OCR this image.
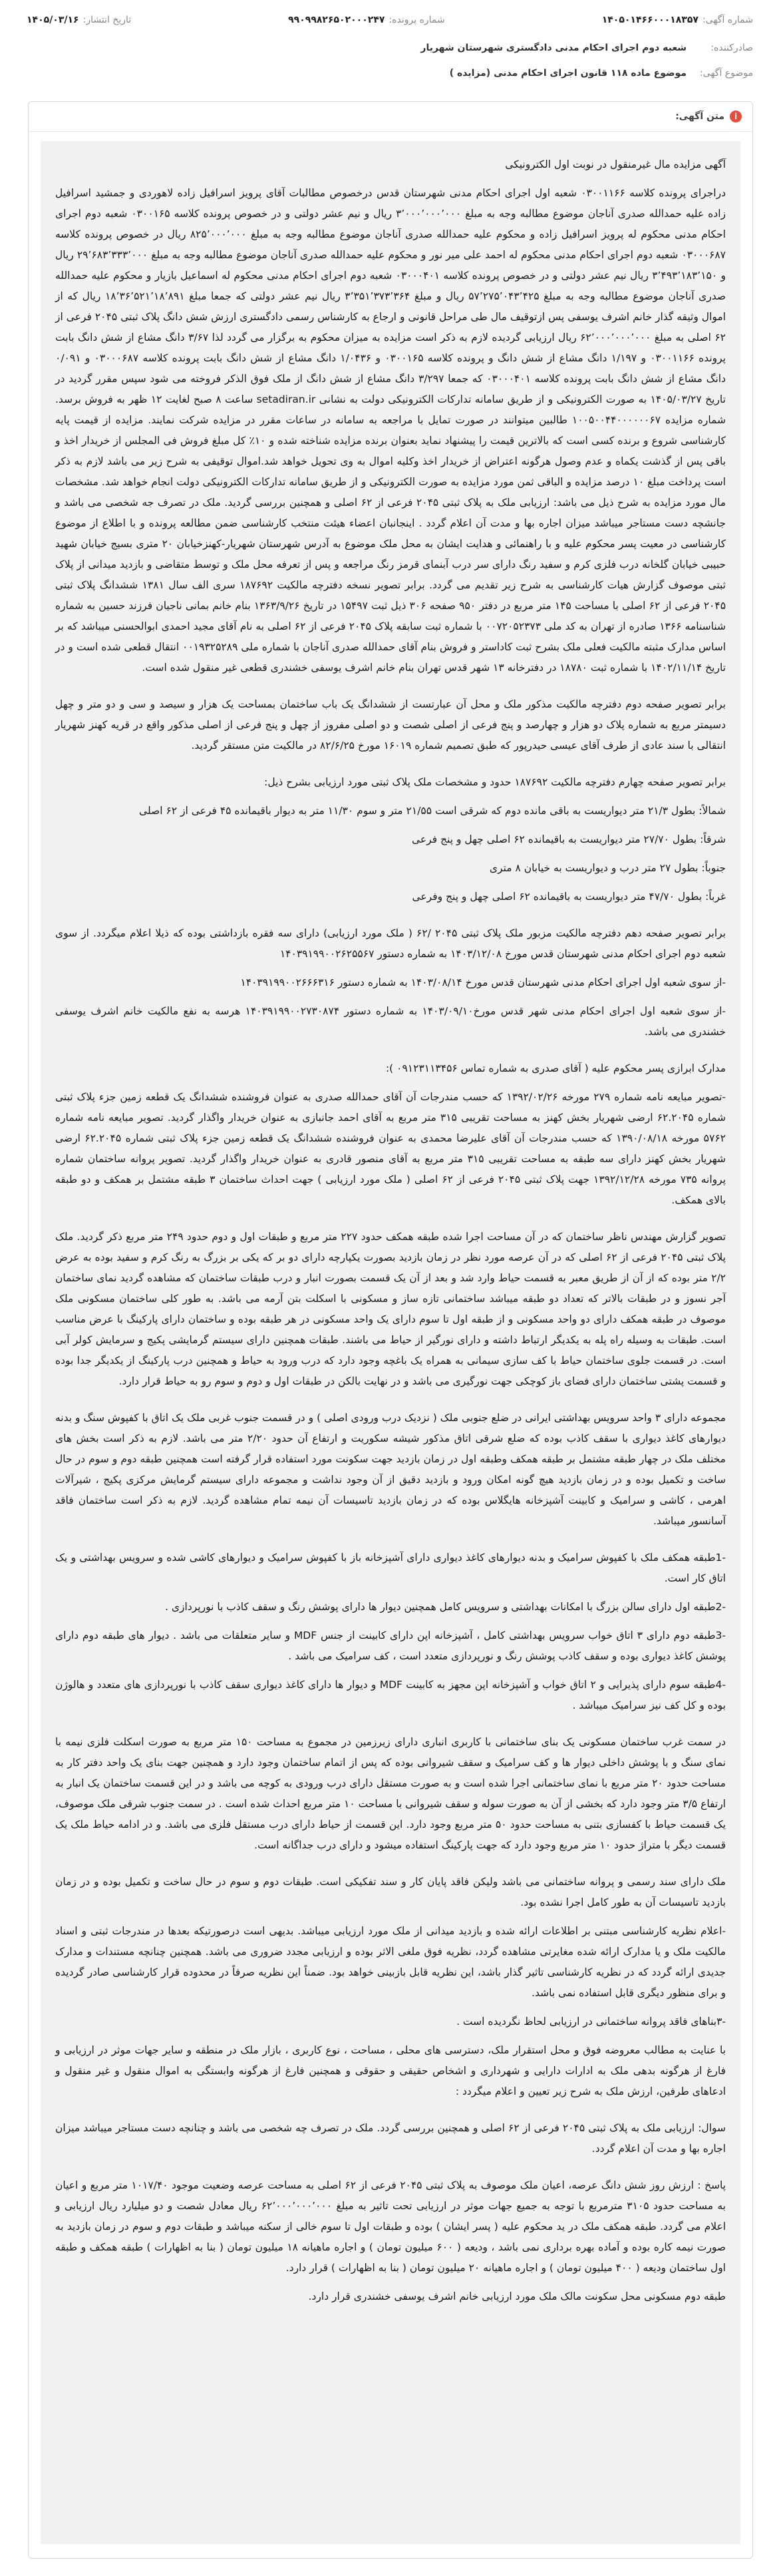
شماره آگهی:
۱۴۰۵۰۱۴۶۶۰۰۰۱۸۳۵۷
شماره پرونده:
۹۹۰۹۹۸۲۶۵۰۲۰۰۰۲۴۷
تاریخ انتشار:
۱۴۰۵/۰۳/۱۶
صادرکننده:
شعبه دوم اجرای احکام مدنی دادگستری شهرستان شهریار
موضوع آگهی:
موضوع ماده ۱۱۸ قانون اجرای احکام مدنی (مزایده )
i
متن آگهی:

آگهی مزایده مال غیرمنقول در نوبت اول الکترونیکی

دراجرای پرونده کلاسه ۰۳۰۰۱۱۶۶ شعبه اول اجرای احکام مدنی شهرستان قدس درخصوص مطالبات آقای پرویز اسرافیل زاده لاهوردی و جمشید اسرافیل زاده علیه حمدالله صدری آناجان موضوع مطالبه وجه به مبلغ ۳٬۰۰۰٬۰۰۰٬۰۰۰ ریال و نیم عشر دولتی و در خصوص پرونده کلاسه ۰۳۰۰۱۶۵ شعبه دوم اجرای احکام مدنی محکوم له پرویز اسرافیل زاده و محکوم علیه حمدالله صدری آناجان موضوع مطالبه وجه به مبلغ ۸۲۵٬۰۰۰٬۰۰۰ ریال در خصوص پرونده کلاسه ۰۳۰۰۰۶۸۷ شعبه دوم اجرای احکام مدنی محکوم له احمد علی میر نور و محکوم علیه حمدالله صدری آناجان موضوع مطالبه وجه به مبلغ ۲۹٬۶۸۳٬۳۳۳٬۰۰۰ ریال و ۳٬۴۹۳٬۱۸۳٬۱۵۰ ریال نیم عشر دولتی و در خصوص پرونده کلاسه ۰۳۰۰۰۴۰۱ شعبه دوم اجرای احکام مدنی محکوم له اسماعیل بازیار و محکوم علیه حمدالله صدری آناجان موضوع مطالبه وجه به مبلغ ۵۷٬۲۷۵٬۰۴۳٬۴۲۵ ریال و مبلغ ۳٬۳۵۱٬۳۷۳٬۳۶۴ ریال نیم عشر دولتی که جمعا مبلغ ۱۸٬۳۶٬۵۲۱٬۱۸٬۸۹۱ ریال که از اموال وثیقه گذار خانم اشرف یوسفی پس ازتوقیف مال طی مراحل قانونی و ارجاع به کارشناس رسمی دادگستری ارزش شش دانگ پلاک ثبتی ۲۰۴۵ فرعی از ۶۲ اصلی به مبلغ ۶۲٬۰۰۰٬۰۰۰٬۰۰۰ ریال ارزیابی گردیده لازم به ذکر است مزایده به میزان محکوم به برگزار می گردد لذا ۳/۶۷ دانگ مشاع از شش دانگ بابت پرونده ۰۳۰۰۱۱۶۶ و ۱/۱۹۷ دانگ مشاع از شش دانگ و پرونده کلاسه ۰۳۰۰۱۶۵ و ۱/۰۴۳۶ دانگ مشاع از شش دانگ بابت پرونده کلاسه ۰۳۰۰۰۶۸۷ و ۰/۰۹۱ دانگ مشاع از شش دانگ بابت پرونده کلاسه ۰۳۰۰۰۴۰۱ که جمعا ۳/۲۹۷ دانگ مشاع از شش دانگ از ملک فوق الذکر فروخته می شود سپس مقرر گردید در تاریخ ۱۴۰۵/۰۳/۲۷ به صورت الکترونیکی و از طریق سامانه تدارکات الکترونیکی دولت به نشانی setadiran.ir ساعت ۸ صبح لغایت ۱۲ ظهر به فروش برسد. شماره مزایده ۱۰۰۵۰۰۴۴۰۰۰۰۰۰۶۷ طالبین میتوانند در صورت تمایل با مراجعه به سامانه در ساعات مقرر در مزایده شرکت نمایند. مزایده از قیمت پایه کارشناسی شروع و برنده کسی است که بالاترین قیمت را پیشنهاد نماید بعنوان برنده مزایده شناخته شده و ۱۰٪ کل مبلغ فروش فی المجلس از خریدار اخذ و باقی پس از گذشت یکماه و عدم وصول هرگونه اعتراض از خریدار اخذ وکلیه اموال به وی تحویل خواهد شد.اموال توقیفی به شرح زیر می باشد لازم به ذکر است پرداخت مبلغ ۱۰ درصد مزایده و الباقی ثمن مورد مزایده به صورت الکترونیکی و از طریق سامانه تدارکات الکترونیکی دولت انجام خواهد شد. مشخصات مال مورد مزایده به شرح ذیل می باشد: ارزیابی ملک به پلاک ثبتی ۲۰۴۵ فرعی از ۶۲ اصلی و همچنین بررسی گردید. ملک در تصرف جه شخصی می باشد و جانشچه دست مستاجر میباشد میزان اجاره بها و مدت آن اعلام گردد . اینجانبان اعضاء هیئت منتخب کارشناسی ضمن مطالعه پرونده و با اطلاع از موضوع کارشناسی در معیت پسر محکوم علیه و با راهنمائی و هدایت ایشان به محل ملک موضوع به آدرس شهرستان شهریار-کهنزخیابان ۲۰ متری بسیج خیابان شهید حبیبی خیابان گلخانه درب فلزی کرم و سفید رنگ دارای سر درب آبنمای قرمز رنگ مراجعه و پس از تعرفه محل ملک و توسط متقاضی و بازدید میدانی از پلاک ثبتی موصوف گزارش هیات کارشناسی به شرح زیر تقدیم می گردد. برابر تصویر نسخه دفترچه مالکیت ۱۸۷۶۹۲ سری الف سال ۱۳۸۱ ششدانگ پلاک ثبتی ۲۰۴۵ فرعی از ۶۲ اصلی با مساحت ۱۴۵ متر مربع در دفتر ۹۵۰ صفحه ۳۰۶ ذیل ثبت ۱۵۴۹۷ در تاریخ ۱۳۶۳/۹/۲۶ بنام خانم بمانی ناجیان فرزند حسین به شماره شناسنامه ۱۳۶۶ صادره از تهران به کد ملی ۰۰۷۲۰۵۲۳۷۳ با شماره ثبت سابقه پلاک ۲۰۴۵ فرعی از ۶۲ اصلی به نام آقای مجید احمدی ابوالحسنی میباشد که بر اساس مدارک مثبته مالکیت فعلی ملک بشرح ثبت کاداستر و فروش بنام آقای حمدالله صدری آناجان با شماره ملی ۰۰۱۹۳۲۵۲۸۹ انتقال قطعی شده است و در تاریخ ۱۴۰۲/۱۱/۱۴ با شماره ثبت ۱۸۷۸۰ در دفترخانه ۱۳ شهر قدس تهران بنام خانم اشرف یوسفی خشندری قطعی غیر منقول شده است.

برابر تصویر صفحه دوم دفترچه مالکیت مذکور ملک و محل آن عبارتست از ششدانگ یک باب ساختمان بمساحت یک هزار و سیصد و سی و دو متر و چهل دسیمتر مربع به شماره پلاک دو هزار و چهارصد و پنج فرعی از اصلی شصت و دو اصلی مفروز از چهل و پنج فرعی از اصلی مذکور واقع در قریه کهنز شهریار انتقالی با سند عادی از طرف آقای عیسی حیدرپور که طبق تصمیم شماره ۱۶۰۱۹ مورخ ۸۲/۶/۲۵ در مالکیت متن مستقر گردید.

برابر تصویر صفحه چهارم دفترچه مالکیت ۱۸۷۶۹۲ حدود و مشخصات ملک پلاک ثبتی مورد ارزیابی بشرح ذیل:

شمالاً: بطول ۲۱/۳ متر دیواریست به باقی مانده دوم که شرقی است ۲۱/۵۵ متر و سوم ۱۱/۳۰ متر به دیوار باقیمانده ۴۵ فرعی از ۶۲ اصلی

شرقاً: بطول ۲۷/۷۰ متر دیواریست به باقیمانده ۶۲ اصلی چهل و پنج فرعی

جنوباً: بطول ۲۷ متر درب و دیواریست به خیابان ۸ متری

غرباً: بطول ۴۷/۷۰ متر دیواریست به باقیمانده ۶۲ اصلی چهل و پنج وفرعی

برابر تصویر صفحه دهم دفترچه مالکیت مزبور ملک پلاک ثبتی ۲۰۴۵ /۶۲ ( ملک مورد ارزیابی) دارای سه فقره بازداشتی بوده که ذیلا اعلام میگردد. از سوی شعبه دوم اجرای احکام مدنی شهرستان قدس مورخ ۱۴۰۳/۱۲/۰۸ به شماره دستور ۱۴۰۳۹۱۹۹۰۰۲۶۲۵۵۶۷

-از سوی شعبه اول اجرای احکام مدنی شهرستان قدس مورخ ۱۴۰۳/۰۸/۱۴ به شماره دستور ۱۴۰۳۹۱۹۹۰۰۲۶۶۶۳۱۶

-از سوی شعبه اول اجرای احکام مدنی شهر قدس مورخ۱۴۰۳/۰۹/۱۰ به شماره دستور ۱۴۰۳۹۱۹۹۰۰۲۷۳۰۸۷۴ هرسه به نفع مالکیت خانم اشرف یوسفی خشندری می باشد.

مدارک ابرازی پسر محکوم علیه ( آقای صدری به شماره تماس ۰۹۱۲۳۱۱۳۴۵۶ ):

-تصویر مبایعه نامه شماره ۲۷۹ مورخه ۱۳۹۲/۰۲/۲۶ که حسب مندرجات آن آقای حمدالله صدری به عنوان فروشنده ششدانگ یک قطعه زمین جزء پلاک ثبتی شماره ۶۲.۲۰۴۵ ارضی شهریار بخش کهنز به مساحت تقریبی ۳۱۵ متر مربع به آقای احمد جانبازی به عنوان خریدار واگذار گردید. تصویر مبایعه نامه شماره ۵۷۶۲ مورخه ۱۳۹۰/۰۸/۱۸ که حسب مندرجات آن آقای علیرضا محمدی به عنوان فروشنده ششدانگ یک قطعه زمین جزء پلاک ثبتی شماره ۶۲.۲۰۴۵ ارضی شهریار بخش کهنز دارای سه طبقه به مساحت تقریبی ۳۱۵ متر مربع به آقای منصور قادری به عنوان خریدار واگذار گردید. تصویر پروانه ساختمان شماره پروانه ۷۳۵ مورخه ۱۳۹۲/۱۲/۲۸ جهت پلاک ثبتی ۲۰۴۵ فرعی از ۶۲ اصلی ( ملک مورد ارزیابی ) جهت احداث ساختمان ۳ طبقه مشتمل بر همکف و دو طبقه بالای همکف.

تصویر گزارش مهندس ناظر ساختمان که در آن مساحت اجرا شده طبقه همکف حدود ۲۲۷ متر مربع و طبقات اول و دوم حدود ۲۴۹ متر مربع ذکر گردید. ملک پلاک ثبتی ۲۰۴۵ فرعی از ۶۲ اصلی که در آن عرصه مورد نظر در زمان بازدید بصورت یکپارچه دارای دو بر که یکی بر بزرگ به رنگ کرم و سفید بوده به عرض ۲/۲ متر بوده که از آن از طریق معبر به قسمت حیاط وارد شد و بعد از آن یک قسمت بصورت انبار و درب طبقات ساختمان که مشاهده گردید نمای ساختمان آجر نسوز و در طبقات بالاتر که تعداد دو طبقه میباشد ساختمانی تازه ساز و مسکونی با اسکلت بتن آرمه می باشد. به طور کلی ساختمان مسکونی ملک موصوف در طبقه همکف دارای دو واحد مسکونی و از طبقه اول تا سوم دارای یک واحد مسکونی در هر طبقه بوده و ساختمان دارای پارکینگ با عرض مناسب است. طبقات به وسیله راه پله به یکدیگر ارتباط داشته و دارای نورگیر از حیاط می باشند. طبقات همچنین دارای سیستم گرمایشی پکیج و سرمایش کولر آبی است. در قسمت جلوی ساختمان حیاط با کف سازی سیمانی به همراه یک باغچه وجود دارد که درب ورود به حیاط و همچنین درب پارکینگ از یکدیگر جدا بوده و قسمت پشتی ساختمان دارای فضای باز کوچکی جهت نورگیری می باشد و در نهایت بالکن در طبقات اول و دوم و سوم رو به حیاط قرار دارد.

مجموعه دارای ۳ واحد سرویس بهداشتی ایرانی در ضلع جنوبی ملک ( نزدیک درب ورودی اصلی ) و در قسمت جنوب غربی ملک یک اتاق با کفپوش سنگ و بدنه دیوارهای کاغذ دیواری با سقف کاذب بوده که ضلع شرقی اتاق مذکور شیشه سکوریت و ارتفاع آن حدود ۲/۲۰ متر می باشد. لازم به ذکر است بخش های مختلف ملک در چهار طبقه مشتمل بر طبقه همکف وطبقه اول در زمان بازدید جهت سکونت مورد استفاده قرار گرفته است همچنین طبقه دوم و سوم در حال ساخت و تکمیل بوده و در زمان بازدید هیچ گونه امکان ورود و بازدید دقیق از آن وجود نداشت و مجموعه دارای سیستم گرمایش مرکزی پکیج ، شیرآلات اهرمی ، کاشی و سرامیک و کابینت آشپزخانه هایگلاس بوده که در زمان بازدید تاسیسات آن نیمه تمام مشاهده گردید. لازم به ذکر است ساختمان فاقد آسانسور میباشد.

-1طبقه همکف ملک با کفپوش سرامیک و بدنه دیوارهای کاغذ دیواری دارای آشپزخانه باز با کفپوش سرامیک و دیوارهای کاشی شده و سرویس بهداشتی و یک اتاق کار است.

-2طبقه اول دارای سالن بزرگ با امکانات بهداشتی و سرویس کامل همچنین دیوار ها دارای پوشش رنگ و سقف کاذب با نورپردازی .

-3طبقه دوم دارای ۳ اتاق خواب سرویس بهداشتی کامل ، آشپزخانه اپن دارای کابینت از جنس MDF و سایر متعلقات می باشد . دیوار های طبقه دوم دارای پوشش کاغذ دیواری بوده و سقف کاذب پوشش رنگ و نورپردازی متعدد است ، کف سرامیک می باشد .

-4طبقه سوم دارای پذیرایی و ۲ اتاق خواب و آشپزخانه اپن مجهز به کابینت MDF و دیوار ها دارای کاغذ دیواری سقف کاذب با نورپردازی های متعدد و هالوژن بوده و کل کف نیز سرامیک میباشد .

در سمت غرب ساختمان مسکونی یک بنای ساختمانی با کاربری انباری دارای زیرزمین در مجموع به مساحت ۱۵۰ متر مربع به صورت اسکلت فلزی نیمه با نمای سنگ و با پوشش داخلی دیوار ها و کف سرامیک و سقف شیروانی بوده که پس از اتمام ساختمان وجود دارد و همچنین جهت بنای یک واحد دفتر کار به مساحت حدود ۲۰ متر مربع با نمای ساختمانی اجرا شده است و به صورت مستقل دارای درب ورودی به کوچه می باشد و در این قسمت ساختمان یک انبار به ارتفاع ۳/۵ متر وجود دارد که بخشی از آن به صورت سوله و سقف شیروانی با مساحت ۱۰ متر مربع احداث شده است . در سمت جنوب شرقی ملک موصوف، یک قسمت حیاط با کفسازی بتنی به مساحت حدود ۵۰ متر مربع وجود دارد. این قسمت از حیاط دارای درب مستقل فلزی می باشد. و در ادامه حیاط ملک یک قسمت دیگر با متراژ حدود ۱۰ متر مربع وجود دارد که جهت پارکینگ استفاده میشود و دارای درب جداگانه است.

ملک دارای سند رسمی و پروانه ساختمانی می باشد ولیکن فاقد پایان کار و سند تفکیکی است. طبقات دوم و سوم در حال ساخت و تکمیل بوده و در زمان بازدید تاسیسات آن به طور کامل اجرا نشده بود.

-اعلام نظریه کارشناسی مبتنی بر اطلاعات ارائه شده و بازدید میدانی از ملک مورد ارزیابی میباشد. بدیهی است درصورتیکه بعدها در مندرجات ثبتی و اسناد مالکیت ملک و یا مدارک ارائه شده مغایرتی مشاهده گردد، نظریه فوق ملغی الاثر بوده و ارزیابی مجدد ضروری می باشد. همچنین چنانچه مستندات و مدارک جدیدی ارائه گردد که در نظریه کارشناسی تاثیر گذار باشد، این نظریه قابل بازبینی خواهد بود. ضمناً این نظریه صرفاً در محدوده قرار کارشناسی صادر گردیده و برای منظور دیگری قابل استفاده نمی باشد.

-۳بناهای فاقد پروانه ساختمانی در ارزیابی لحاظ نگردیده است .

با عنایت به مطالب معروضه فوق و محل استقرار ملک، دسترسی های محلی ، مساحت ، نوع کاربری ، بازار ملک در منطقه و سایر جهات موثر در ارزیابی و فارغ از هرگونه بدهی ملک به ادارات دارایی و شهرداری و اشخاص حقیقی و حقوقی و همچنین فارغ از هرگونه وابستگی به اموال منقول و غیر منقول و ادعاهای طرفین، ارزش ملک به شرح زیر تعیین و اعلام میگردد :

سوال: ارزیابی ملک به پلاک ثبتی ۲۰۴۵ فرعی از ۶۲ اصلی و همچنین بررسی گردد. ملک در تصرف چه شخصی می باشد و چنانچه دست مستاجر میباشد میزان اجاره بها و مدت آن اعلام گردد.

پاسخ : ارزش روز شش دانگ عرصه، اعیان ملک موصوف به پلاک ثبتی ۲۰۴۵ فرعی از ۶۲ اصلی به مساحت عرصه وضعیت موجود ۱۰۱۷/۴۰ متر مربع و اعیان به مساحت حدود ۳۱۰۵ مترمربع با توجه به جمیع جهات موثر در ارزیابی تحت تاثیر به مبلغ ۶۲٬۰۰۰٬۰۰۰٬۰۰۰ ریال معادل شصت و دو میلیارد ریال ارزیابی و اعلام می گردد. طبقه همکف ملک در ید محکوم علیه ( پسر ایشان ) بوده و طبقات اول تا سوم خالی از سکنه میباشد و طبقات دوم و سوم در زمان بازدید به صورت نیمه کاره بوده و آماده بهره برداری نمی باشد ، ودیعه ( ۶۰۰ میلیون تومان ) و اجاره ماهیانه ۱۸ میلیون تومان ( بنا به اظهارات ) طبقه همکف و طبقه اول ساختمان ودیعه ( ۴۰۰ میلیون تومان ) و اجاره ماهیانه ۲۰ میلیون تومان ( بنا به اظهارات ) قرار دارد.

طبقه دوم مسکونی محل سکونت مالک ملک مورد ارزیابی خانم اشرف یوسفی خشندری قرار دارد.
